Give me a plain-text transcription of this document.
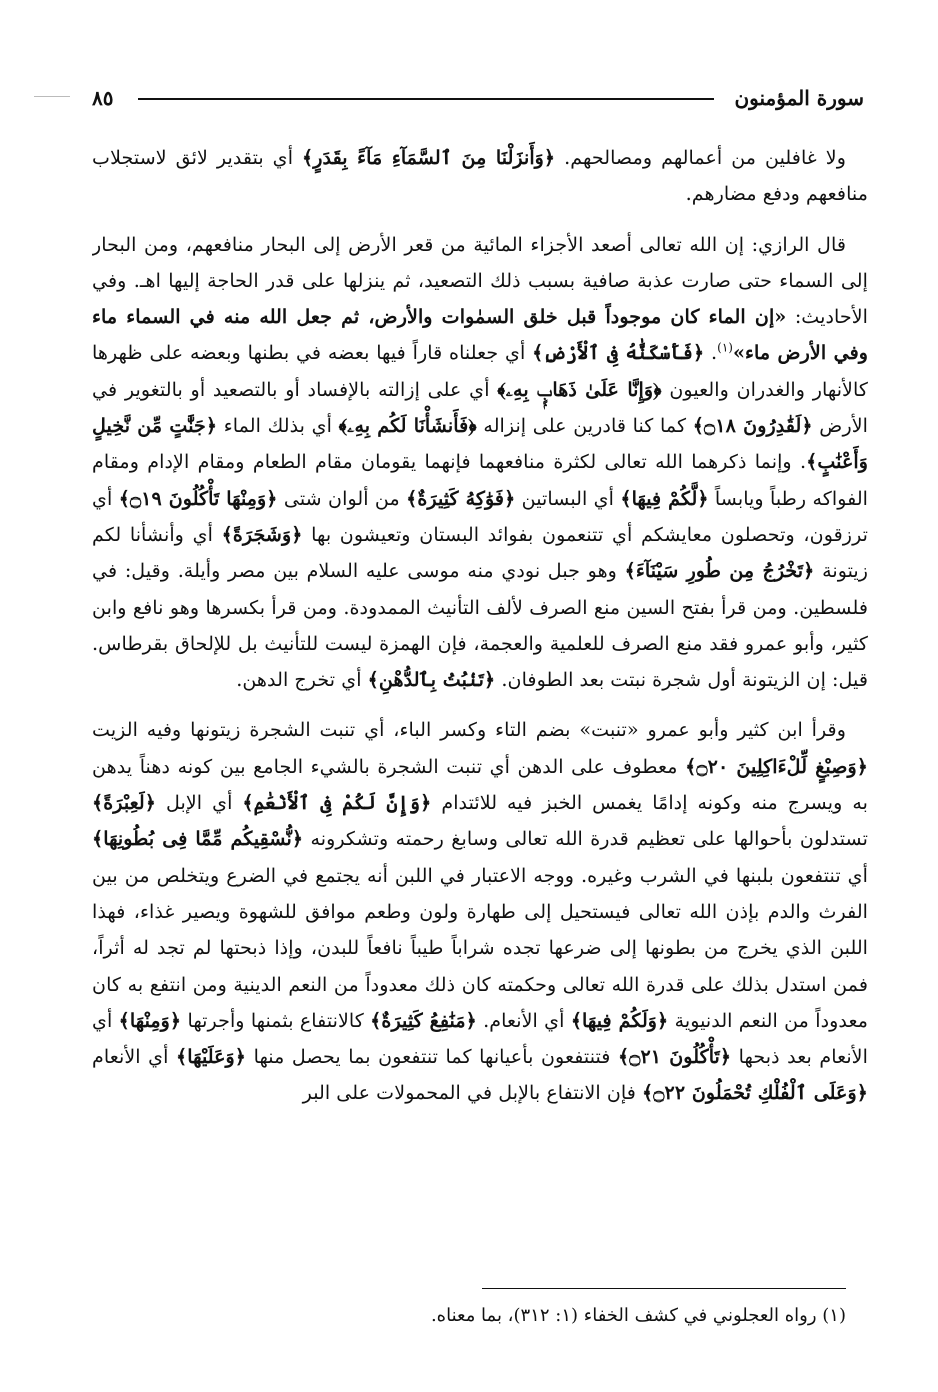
سورة المؤمنون
٨٥

ولا غافلين من أعمالهم ومصالحهم. ﴿وَأَنزَلْنَا مِنَ ٱلسَّمَآءِ مَآءً بِقَدَرٍ﴾ أي بتقدير لائق لاستجلاب منافعهم ودفع مضارهم.

قال الرازي: إن الله تعالى أصعد الأجزاء المائية من قعر الأرض إلى البحار منافعهم، ومن البحار إلى السماء حتى صارت عذبة صافية بسبب ذلك التصعيد، ثم ينزلها على قدر الحاجة إليها اهـ. وفي الأحاديث: «إن الماء كان موجوداً قبل خلق السمٰوات والأرض، ثم جعل الله منه في السماء ماء وفي الأرض ماء»$^{(١)}$. ﴿فَأَسْكَنَّٰهُ فِى ٱلْأَرْضِ﴾ أي جعلناه قاراً فيها بعضه في بطنها وبعضه على ظهرها كالأنهار والغدران والعيون ﴿وَإِنَّا عَلَىٰ ذَهَابٍۭ بِهِۦ﴾ أي على إزالته بالإفساد أو بالتصعيد أو بالتغوير في الأرض ﴿لَقَٰدِرُونَ ۝١٨﴾ كما كنا قادرين على إنزاله ﴿فَأَنشَأْنَا لَكُم بِهِۦ﴾ أي بذلك الماء ﴿جَنَّٰتٍ مِّن نَّخِيلٍ وَأَعْنَٰبٍ﴾. وإنما ذكرهما الله تعالى لكثرة منافعهما فإنهما يقومان مقام الطعام ومقام الإدام ومقام الفواكه رطباً ويابساً ﴿لَّكُمْ فِيهَا﴾ أي البساتين ﴿فَوَٰكِهُ كَثِيرَةٌ﴾ من ألوان شتى ﴿وَمِنْهَا تَأْكُلُونَ ۝١٩﴾ أي ترزقون، وتحصلون معايشكم أي تتنعمون بفوائد البستان وتعيشون بها ﴿وَشَجَرَةً﴾ أي وأنشأنا لكم زيتونة ﴿تَخْرُجُ مِن طُورِ سَيْنَآءَ﴾ وهو جبل نودي منه موسى عليه السلام بين مصر وأيلة. وقيل: في فلسطين. ومن قرأ بفتح السين منع الصرف لألف التأنيث الممدودة. ومن قرأ بكسرها وهو نافع وابن كثير، وأبو عمرو فقد منع الصرف للعلمية والعجمة، فإن الهمزة ليست للتأنيث بل للإلحاق بقرطاس. قيل: إن الزيتونة أول شجرة نبتت بعد الطوفان. ﴿تَنۢبُتُ بِٱلدُّهْنِ﴾ أي تخرج الدهن.

وقرأ ابن كثير وأبو عمرو «تنبت» بضم التاء وكسر الباء، أي تنبت الشجرة زيتونها وفيه الزيت ﴿وَصِبْغٍ لِّلْءَاكِلِينَ ۝٢٠﴾ معطوف على الدهن أي تنبت الشجرة بالشيء الجامع بين كونه دهناً يدهن به ويسرج منه وكونه إدامًا يغمس الخبز فيه للائتدام ﴿وَإِنَّ لَكُمْ فِى ٱلْأَنْعَٰمِ﴾ أي الإبل ﴿لَعِبْرَةً﴾ تستدلون بأحوالها على تعظيم قدرة الله تعالى وسابغ رحمته وتشكرونه ﴿نُّسْقِيكُم مِّمَّا فِى بُطُونِهَا﴾ أي تنتفعون بلبنها في الشرب وغيره. ووجه الاعتبار في اللبن أنه يجتمع في الضرع ويتخلص من بين الفرث والدم بإذن الله تعالى فيستحيل إلى طهارة ولون وطعم موافق للشهوة ويصير غذاء، فهذا اللبن الذي يخرج من بطونها إلى ضرعها تجده شراباً طيباً نافعاً للبدن، وإذا ذبحتها لم تجد له أثراً، فمن استدل بذلك على قدرة الله تعالى وحكمته كان ذلك معدوداً من النعم الدينية ومن انتفع به كان معدوداً من النعم الدنيوية ﴿وَلَكُمْ فِيهَا﴾ أي الأنعام. ﴿مَنَٰفِعُ كَثِيرَةٌ﴾ كالانتفاع بثمنها وأجرتها ﴿وَمِنْهَا﴾ أي الأنعام بعد ذبحها ﴿تَأْكُلُونَ ۝٢١﴾ فتنتفعون بأعيانها كما تنتفعون بما يحصل منها ﴿وَعَلَيْهَا﴾ أي الأنعام ﴿وَعَلَى ٱلْفُلْكِ تُحْمَلُونَ ۝٢٢﴾ فإن الانتفاع بالإبل في المحمولات على البر

(١) رواه العجلوني في كشف الخفاء (١: ٣١٢)، بما معناه.
